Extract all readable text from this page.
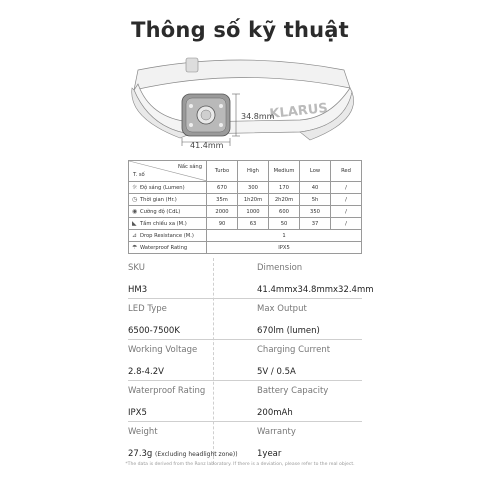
Thông số kỹ thuật
KLARUS
34.8mm
41.4mm
Nấc sáng
T. số	Turbo	High	Medium	Low	Red
☼ Độ sáng (Lumen)	670	300	170	40	/
◷ Thời gian (Hr.)	35m	1h20m	2h20m	5h	/
◉ Cường độ (CdL)	2000	1000	600	350	/
◣ Tầm chiếu xa (M.)	90	63	50	37	/
⊿ Drop Resistance (M.)	1				
☂ Waterproof Rating	IPX5				
SKU
HM3
Dimension
41.4mmx34.8mmx32.4mm
LED Type
6500-7500K
Max Output
670lm (lumen)
Working Voltage
2.8-4.2V
Charging Current
5V / 0.5A
Waterproof Rating
IPX5
Battery Capacity
200mAh
Weight
27.3g (Excluding headlight zone))
Warranty
1year
*The data is derived from the Ronz laboratory. If there is a deviation, please refer to the real object.
